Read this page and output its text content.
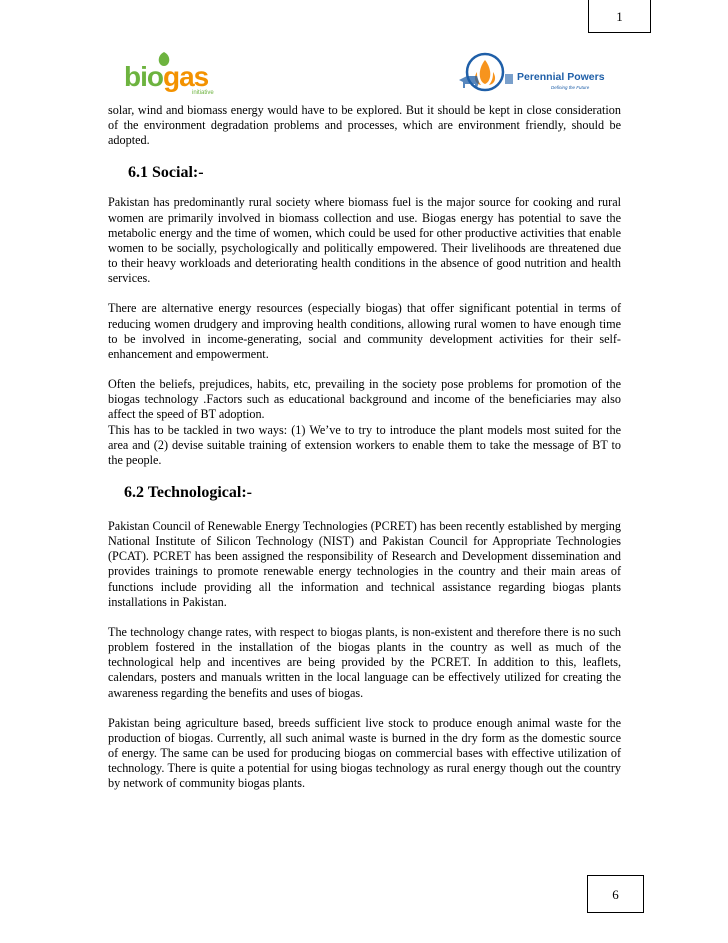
1
biogas
initiative
Perennial Powers
Defining the Future

solar, wind and biomass energy would have to be explored. But it should be kept in close consideration of the environment degradation problems and processes, which are environment friendly, should be adopted.

6.1 Social:-

Pakistan has predominantly rural society where biomass fuel is the major source for cooking and rural women are primarily involved in biomass collection and use. Biogas energy has potential to save the metabolic energy and the time of women, which could be used for other productive activities that enable women to be socially, psychologically and politically empowered. Their livelihoods are threatened due to their heavy workloads and deteriorating health conditions in the absence of good nutrition and health services.

There are alternative energy resources (especially biogas) that offer significant potential in terms of reducing women drudgery and improving health conditions, allowing rural women to have enough time to be involved in income-generating, social and community development activities for their self-enhancement and empowerment.

Often the beliefs, prejudices, habits, etc, prevailing in the society pose problems for promotion of the biogas technology .Factors such as educational background and income of the beneficiaries may also affect the speed of BT adoption.

This has to be tackled in two ways: (1) We’ve to try to introduce the plant models most suited for the area and (2) devise suitable training of extension workers to enable them to take the message of BT to the people.

6.2 Technological:-

Pakistan Council of Renewable Energy Technologies (PCRET) has been recently established by merging National Institute of Silicon Technology (NIST) and Pakistan Council for Appropriate Technologies (PCAT). PCRET has been assigned the responsibility of Research and Development dissemination and provides trainings to promote renewable energy technologies in the country and their main areas of functions include providing all the information and technical assistance regarding biogas plants installations in Pakistan.

The technology change rates, with respect to biogas plants, is non-existent and therefore there is no such problem fostered in the installation of the biogas plants in the country as well as much of the technological help and incentives are being provided by the PCRET. In addition to this, leaflets, calendars, posters and manuals written in the local language can be effectively utilized for creating the awareness regarding the benefits and uses of biogas.

Pakistan being agriculture based, breeds sufficient live stock to produce enough animal waste for the production of biogas. Currently, all such animal waste is burned in the dry form as the domestic source of energy. The same can be used for producing biogas on commercial bases with effective utilization of technology. There is quite a potential for using biogas technology as rural energy though out the country by network of community biogas plants.

6
